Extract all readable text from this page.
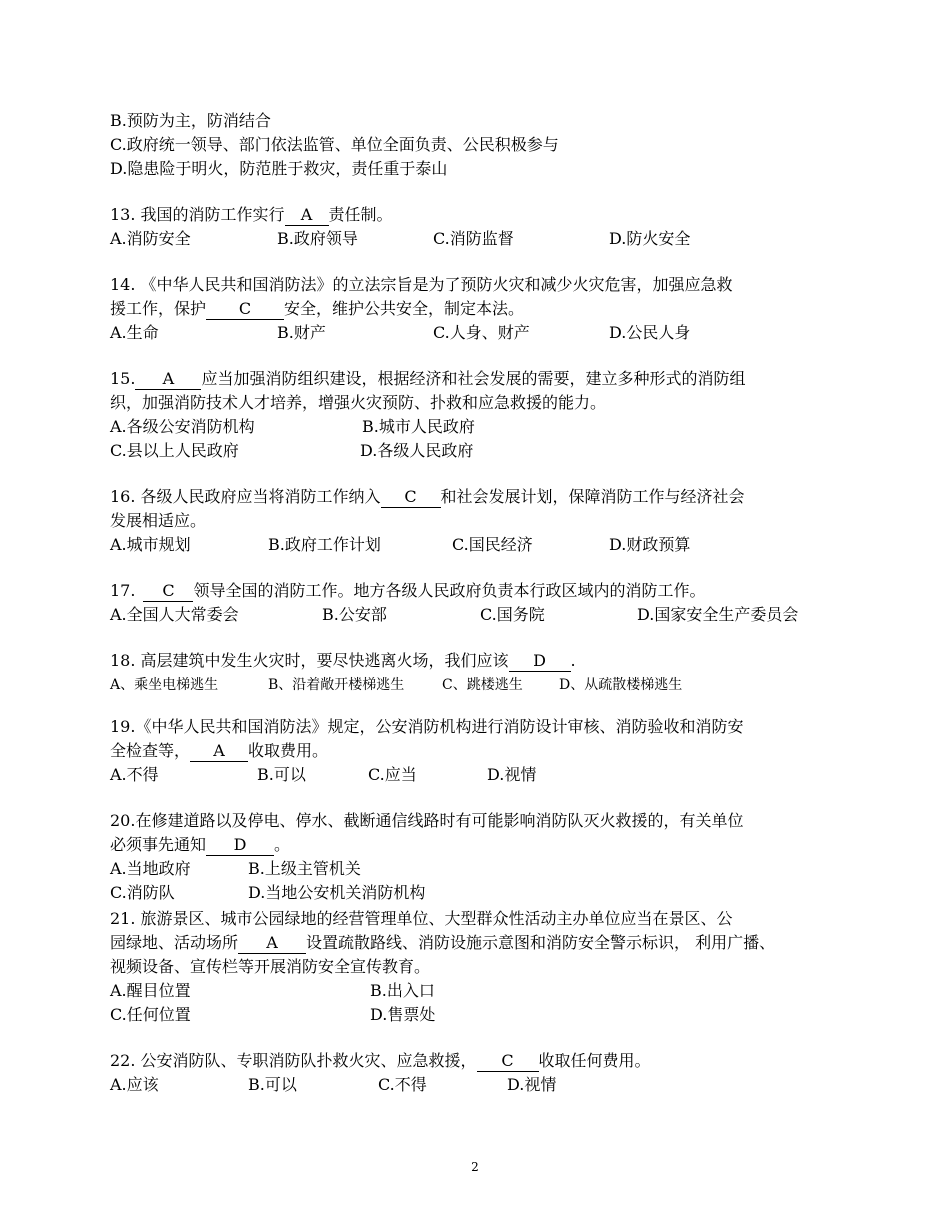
B.预防为主，防消结合
C.政府统一领导、部门依法监管、单位全面负责、公民积极参与
D.隐患险于明火，防范胜于救灾，责任重于泰山
13. 我国的消防工作实行 A 责任制。
A.消防安全	B.政府领导	C.消防监督	D.防火安全
14. 《中华人民共和国消防法》的立法宗旨是为了预防火灾和减少火灾危害，加强应急救
援工作，保护 C 安全，维护公共安全，制定本法。
A.生命	B.财产	C.人身、财产	D.公民人身
15. A 应当加强消防组织建设，根据经济和社会发展的需要，建立多种形式的消防组
织，加强消防技术人才培养，增强火灾预防、扑救和应急救援的能力。
A.各级公安消防机构	B.城市人民政府
C.县以上人民政府	D.各级人民政府
16. 各级人民政府应当将消防工作纳入 C 和社会发展计划，保障消防工作与经济社会
发展相适应。
A.城市规划	B.政府工作计划	C.国民经济	D.财政预算
17. C 领导全国的消防工作。地方各级人民政府负责本行政区域内的消防工作。
A.全国人大常委会	B.公安部	C.国务院	D.国家安全生产委员会
18. 高层建筑中发生火灾时，要尽快逃离火场，我们应该 D .
A、乘坐电梯逃生	B、沿着敞开楼梯逃生	C、跳楼逃生	D、从疏散楼梯逃生
19.《中华人民共和国消防法》规定，公安消防机构进行消防设计审核、消防验收和消防安
全检查等， A 收取费用。
A.不得	B.可以	C.应当	D.视情
20.在修建道路以及停电、停水、截断通信线路时有可能影响消防队灭火救援的，有关单位
必须事先通知 D 。
A.当地政府	B.上级主管机关
C.消防队	D.当地公安机关消防机构
21. 旅游景区、城市公园绿地的经营管理单位、大型群众性活动主办单位应当在景区、公
园绿地、活动场所 A 设置疏散路线、消防设施示意图和消防安全警示标识， 利用广播、
视频设备、宣传栏等开展消防安全宣传教育。
A.醒目位置	B.出入口
C.任何位置	D.售票处
22. 公安消防队、专职消防队扑救火灾、应急救援， C 收取任何费用。
A.应该	B.可以	C.不得	D.视情
2
